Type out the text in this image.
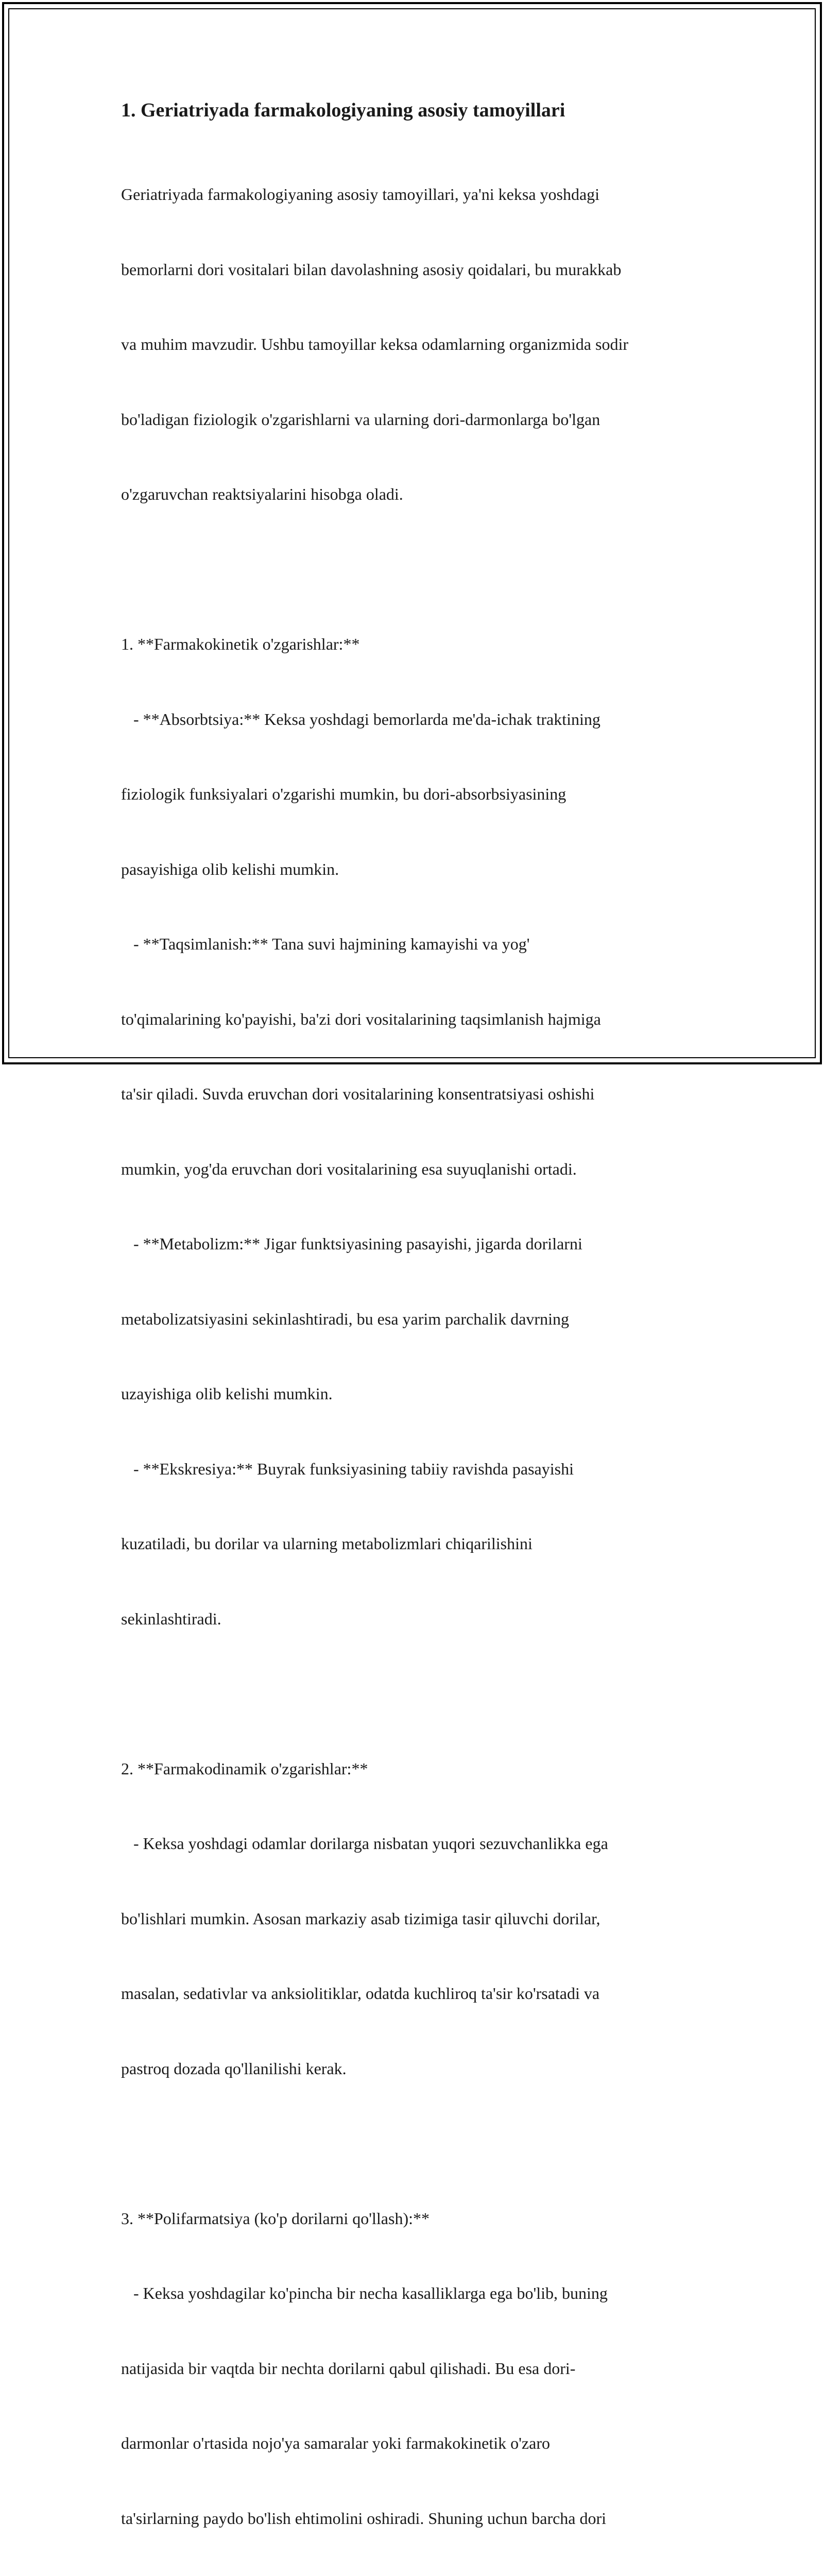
1. Geriatriyada farmakologiyaning asosiy tamoyillari

Geriatriyada farmakologiyaning asosiy tamoyillari, ya'ni keksa yoshdagi

bemorlarni dori vositalari bilan davolashning asosiy qoidalari, bu murakkab

va muhim mavzudir. Ushbu tamoyillar keksa odamlarning organizmida sodir

bo'ladigan fiziologik o'zgarishlarni va ularning dori-darmonlarga bo'lgan

o'zgaruvchan reaktsiyalarini hisobga oladi.

1. **Farmakokinetik o'zgarishlar:**

- **Absorbtsiya:** Keksa yoshdagi bemorlarda me'da-ichak traktining

fiziologik funksiyalari o'zgarishi mumkin, bu dori-absorbsiyasining

pasayishiga olib kelishi mumkin.

- **Taqsimlanish:** Tana suvi hajmining kamayishi va yog'

to'qimalarining ko'payishi, ba'zi dori vositalarining taqsimlanish hajmiga

ta'sir qiladi. Suvda eruvchan dori vositalarining konsentratsiyasi oshishi

mumkin, yog'da eruvchan dori vositalarining esa suyuqlanishi ortadi.

- **Metabolizm:** Jigar funktsiyasining pasayishi, jigarda dorilarni

metabolizatsiyasini sekinlashtiradi, bu esa yarim parchalik davrning

uzayishiga olib kelishi mumkin.

- **Ekskresiya:** Buyrak funksiyasining tabiiy ravishda pasayishi

kuzatiladi, bu dorilar va ularning metabolizmlari chiqarilishini

sekinlashtiradi.

2. **Farmakodinamik o'zgarishlar:**

- Keksa yoshdagi odamlar dorilarga nisbatan yuqori sezuvchanlikka ega

bo'lishlari mumkin. Asosan markaziy asab tizimiga tasir qiluvchi dorilar,

masalan, sedativlar va anksiolitiklar, odatda kuchliroq ta'sir ko'rsatadi va

pastroq dozada qo'llanilishi kerak.

3. **Polifarmatsiya (ko'p dorilarni qo'llash):**

- Keksa yoshdagilar ko'pincha bir necha kasalliklarga ega bo'lib, buning

natijasida bir vaqtda bir nechta dorilarni qabul qilishadi. Bu esa dori-

darmonlar o'rtasida nojo'ya samaralar yoki farmakokinetik o'zaro

ta'sirlarning paydo bo'lish ehtimolini oshiradi. Shuning uchun barcha dori
